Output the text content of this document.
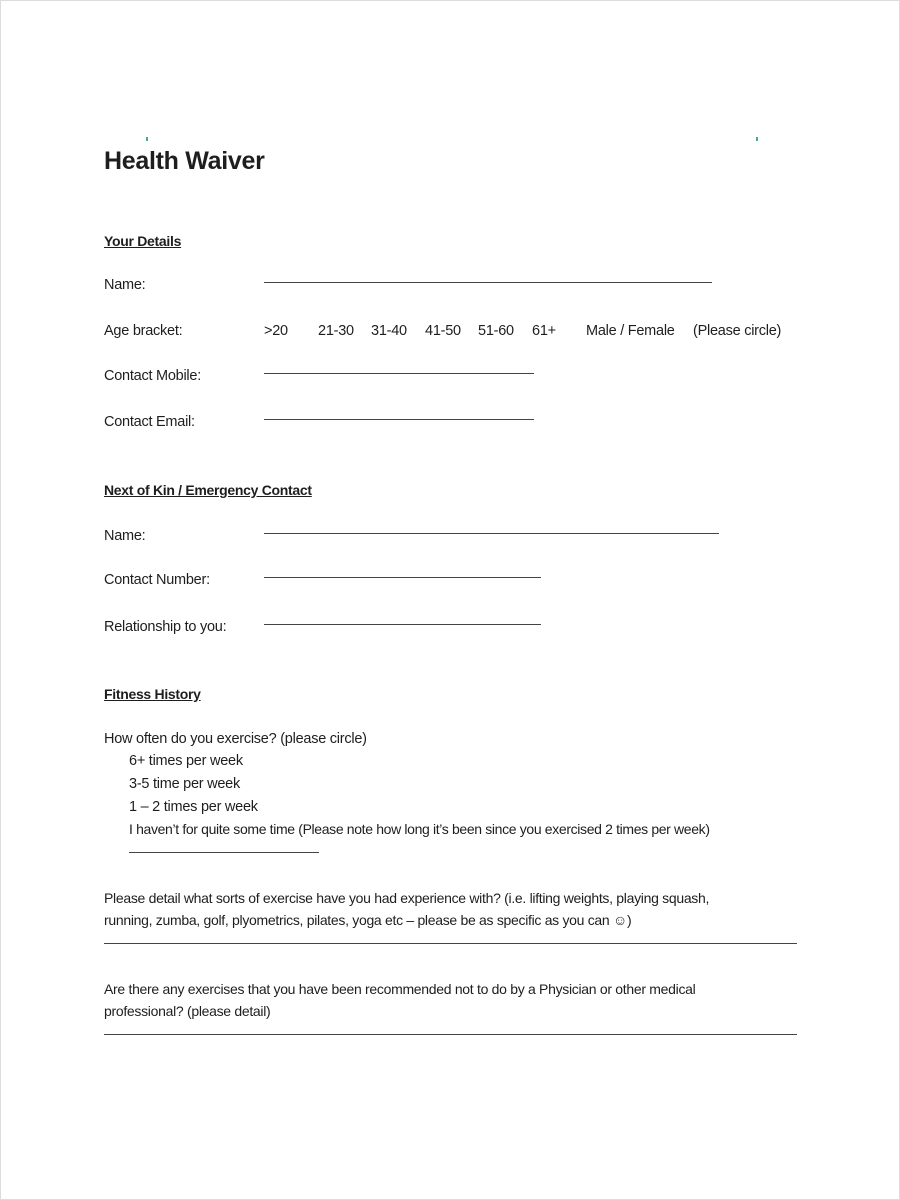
Health Waiver
Your Details
Name:
Age bracket:	>20 21-30 31-40 41-50 51-60 61+ Male / Female (Please circle)
Contact Mobile:
Contact Email:
Next of Kin / Emergency Contact
Name:
Contact Number:
Relationship to you:
Fitness History
How often do you exercise? (please circle)
6+ times per week
3-5 time per week
1 – 2 times per week
I haven’t for quite some time (Please note how long it’s been since you exercised 2 times per week)
Please detail what sorts of exercise have you had experience with? (i.e. lifting weights, playing squash,
running, zumba, golf, plyometrics, pilates, yoga etc – please be as specific as you can ☺)
Are there any exercises that you have been recommended not to do by a Physician or other medical
professional? (please detail)
